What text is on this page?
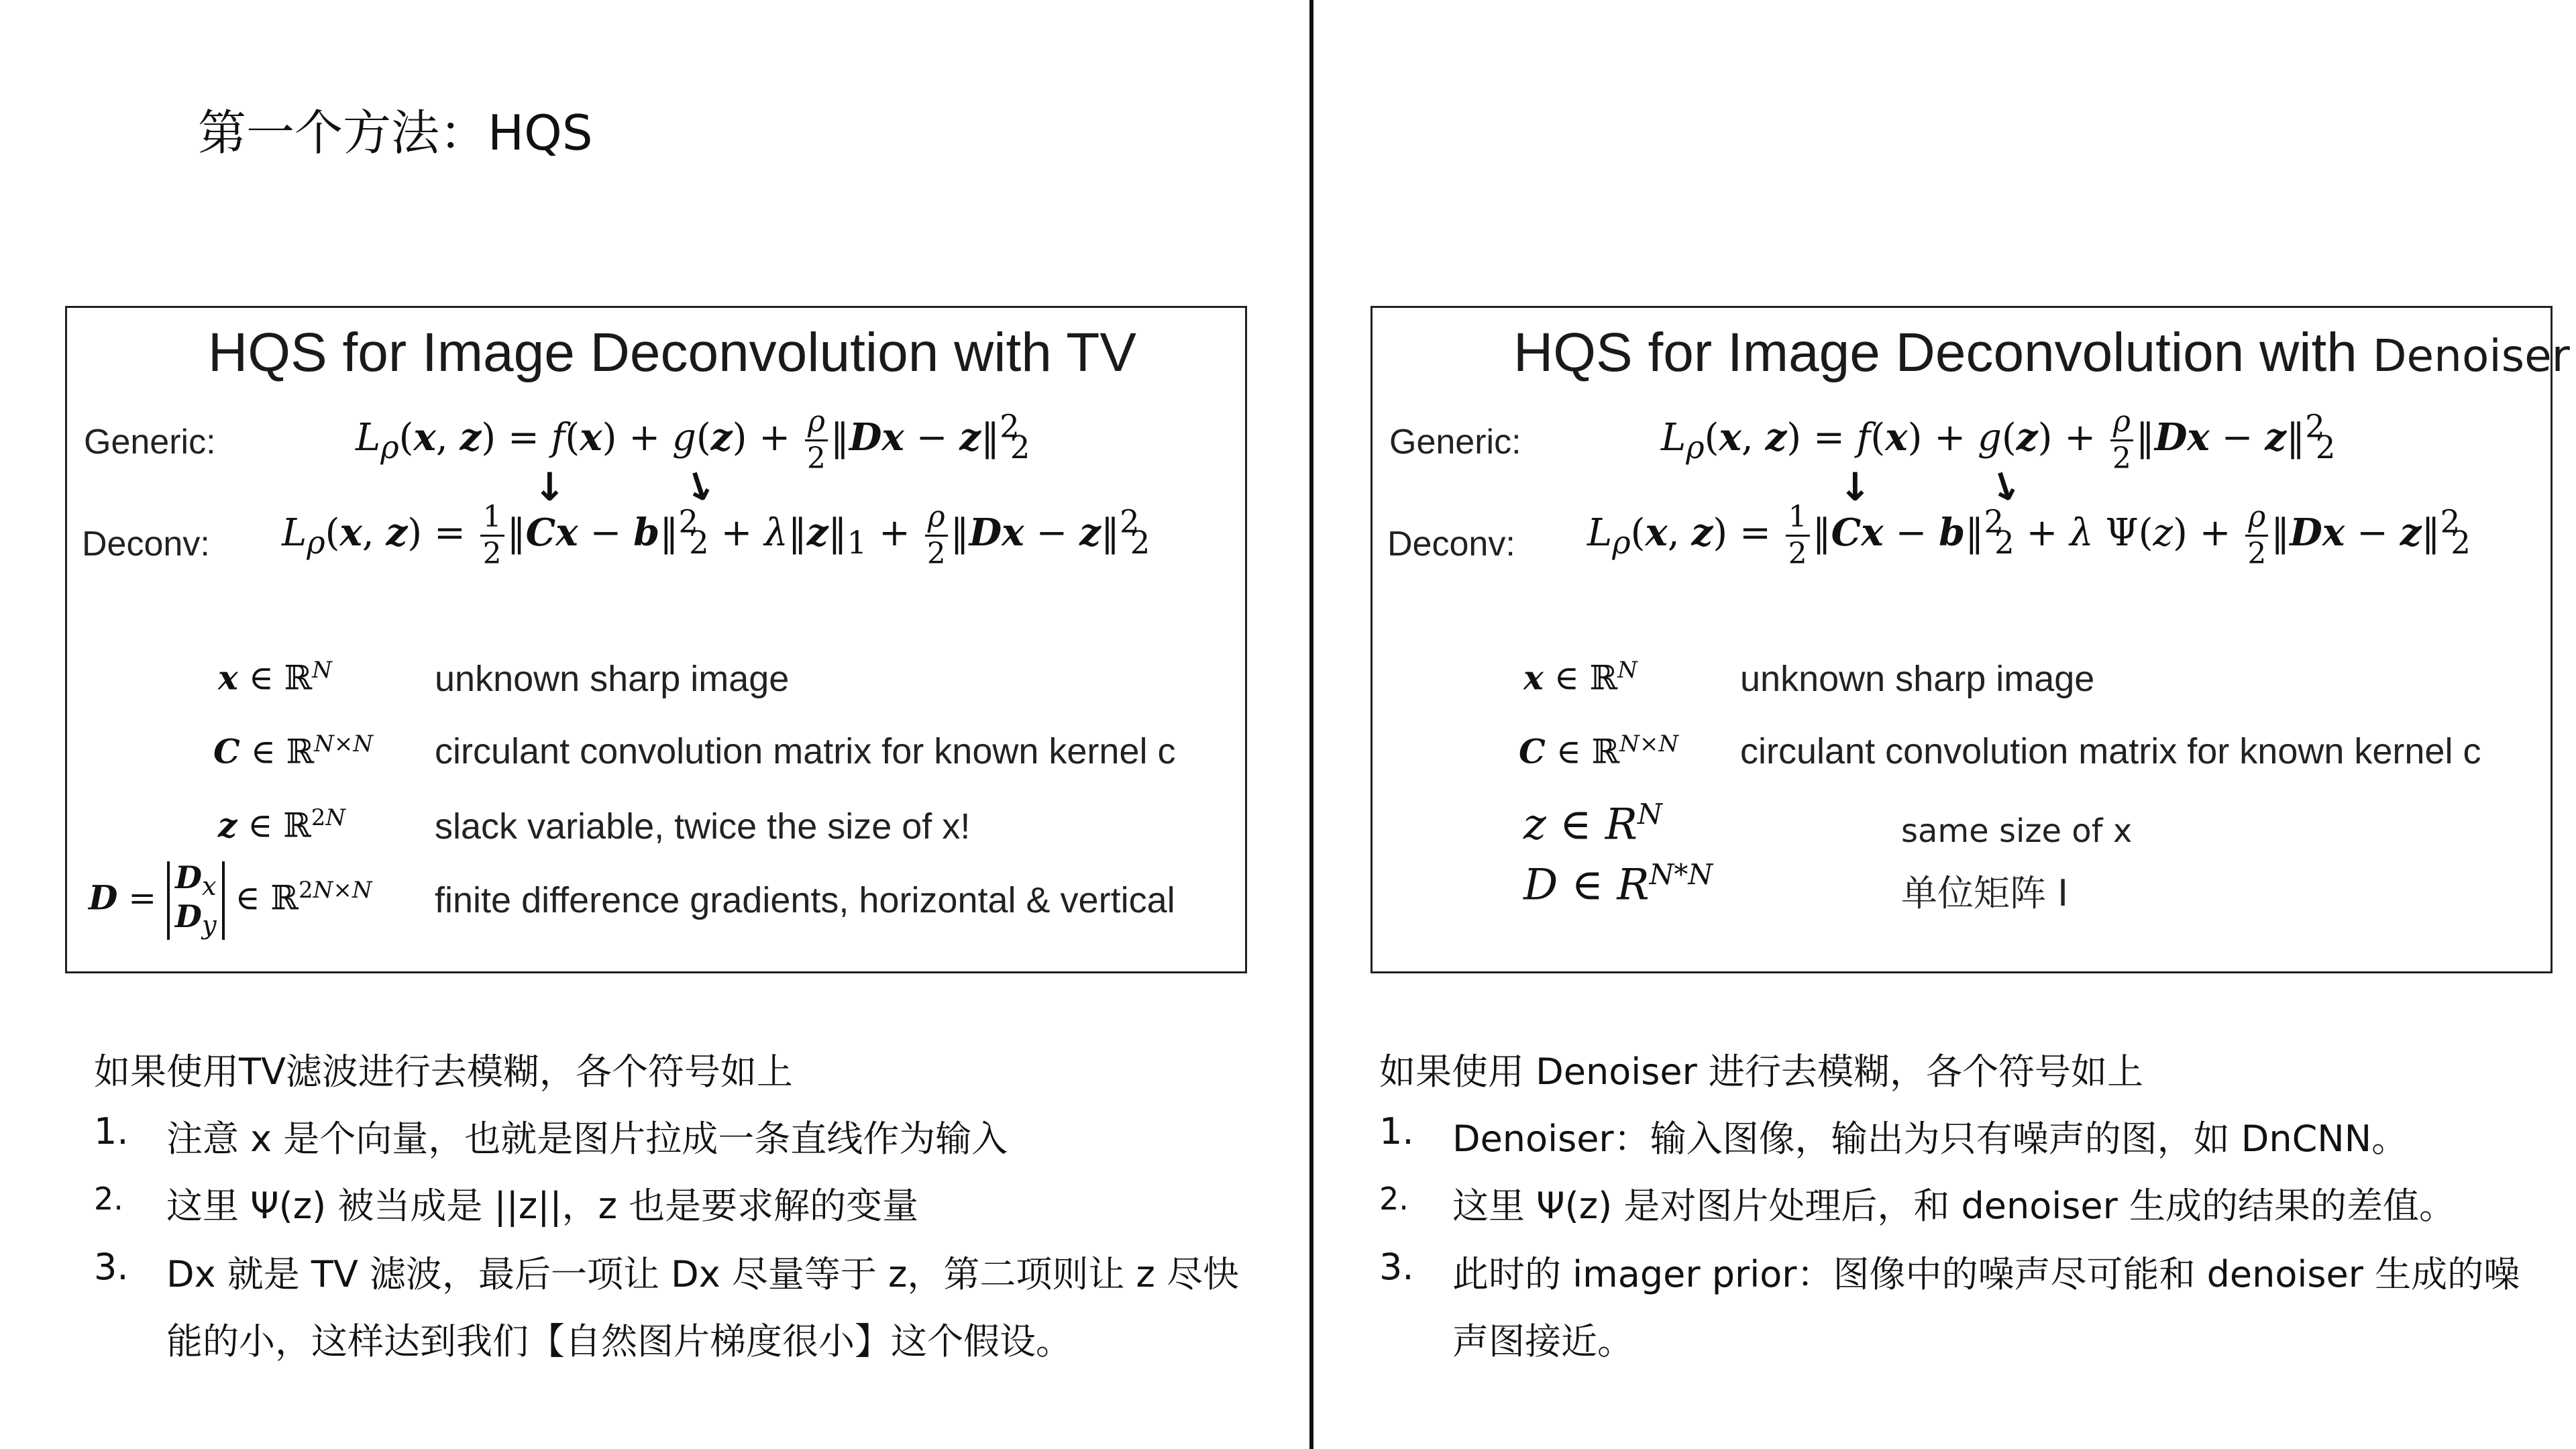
第一个方法：HQS
HQS for Image Deconvolution with TV
Generic:	$L_\rho(x$, $z) = f(x) + g(z) + \frac{\rho}{2}$ ‖Dx − z‖$^2_2$
↓	↓
Deconv: $L_\rho(x$, $z) = \frac{1}{2}$ ‖Cx − b‖$^2_2$ + $\lambda‖z‖_1 + \frac{\rho}{2}$ ‖Dx − z‖$^2_2$
x ∈ ℝ$^N$	unknown sharp image
C ∈ ℝ$^{N\times N}$ circulant convolution matrix for known kernel c
z ∈ ℝ$^{2N}$ slack variable, twice the size of x!
$D = D_x$
$D_y$ ∈ ℝ$^{2N\times N}$ finite difference gradients, horizontal & vertical
HQS for Image Deconvolution with Denoiser
Generic:	$L_\rho(x$, $z) = f(x) + g(z) + \frac{\rho}{2}$ ‖Dx − z‖$^2_2$
↓	↓
Deconv: $L_\rho(x$, $z) = \frac{1}{2}$ ‖Cx − b‖$^2_2$ + λ $\Psi(z) + \frac{\rho}{2}$ ‖Dx − z‖$^2_2$
x ∈ ℝ$^N$	unknown sharp image
C ∈ ℝ$^{N\times N}$ circulant convolution matrix for known kernel c
z ∈ $R^N$	same size of x
D ∈ $R^{N*N}$	单位矩阵 I
如果使用TV滤波进行去模糊，各个符号如上
1. 注意 x 是个向量，也就是图片拉成一条直线作为输入
2. 这里 Ψ(z) 被当成是 ||z||，z 也是要求解的变量
3. Dx 就是 TV 滤波，最后一项让 Dx 尽量等于 z，第二项则让 z 尽快
能的小，这样达到我们【自然图片梯度很小】这个假设。
如果使用 Denoiser 进行去模糊，各个符号如上
1. Denoiser：输入图像，输出为只有噪声的图，如 DnCNN。
2. 这里 Ψ(z) 是对图片处理后，和 denoiser 生成的结果的差值。
3. 此时的 imager prior：图像中的噪声尽可能和 denoiser 生成的噪
声图接近。
